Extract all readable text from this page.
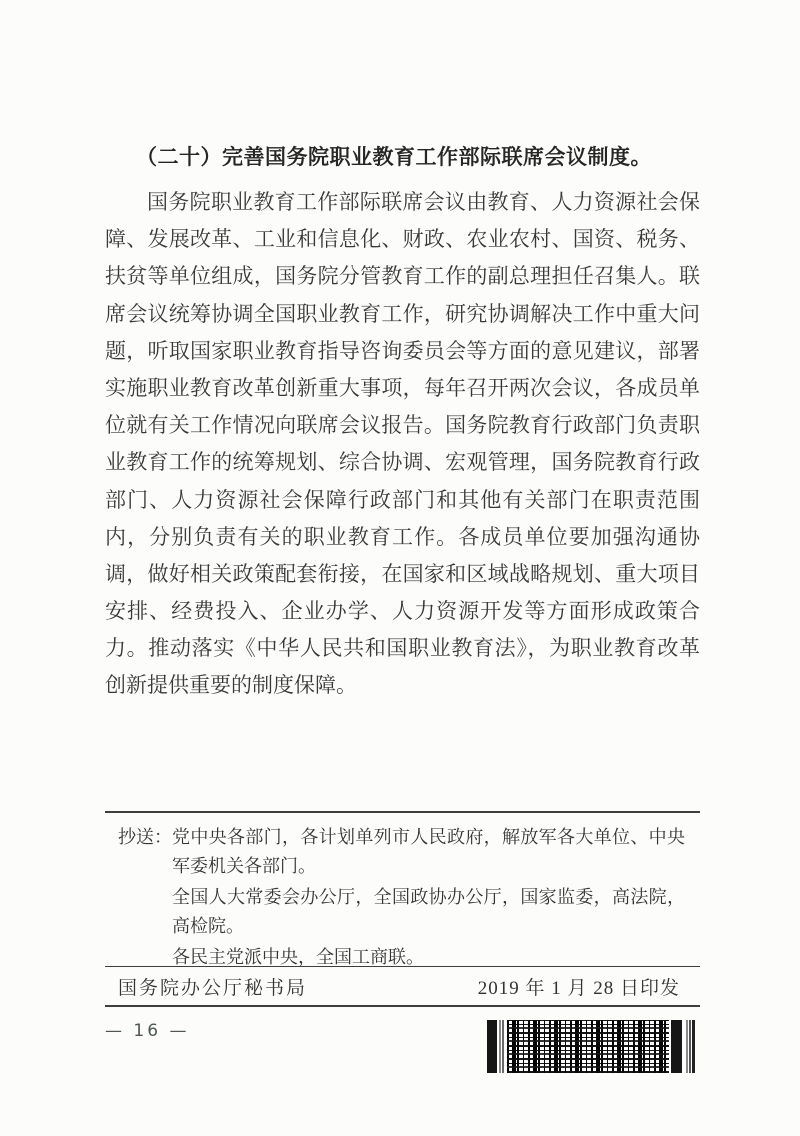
（二十）完善国务院职业教育工作部际联席会议制度。
国务院职业教育工作部际联席会议由教育、人力资源社会保
障、发展改革、工业和信息化、财政、农业农村、国资、税务、
扶贫等单位组成，国务院分管教育工作的副总理担任召集人。联
席会议统筹协调全国职业教育工作，研究协调解决工作中重大问
题，听取国家职业教育指导咨询委员会等方面的意见建议，部署
实施职业教育改革创新重大事项，每年召开两次会议，各成员单
位就有关工作情况向联席会议报告。国务院教育行政部门负责职
业教育工作的统筹规划、综合协调、宏观管理，国务院教育行政
部门、人力资源社会保障行政部门和其他有关部门在职责范围
内，分别负责有关的职业教育工作。各成员单位要加强沟通协
调，做好相关政策配套衔接，在国家和区域战略规划、重大项目
安排、经费投入、企业办学、人力资源开发等方面形成政策合
力。推动落实《中华人民共和国职业教育法》，为职业教育改革
创新提供重要的制度保障。
抄送： 党中央各部门，各计划单列市人民政府，解放军各大单位、中央军委机关各部门。
全国人大常委会办公厅，全国政协办公厅，国家监委，高法院，高检院。
各民主党派中央，全国工商联。
国务院办公厅秘书局	2019 年 1 月 28 日印发
— 16 —
